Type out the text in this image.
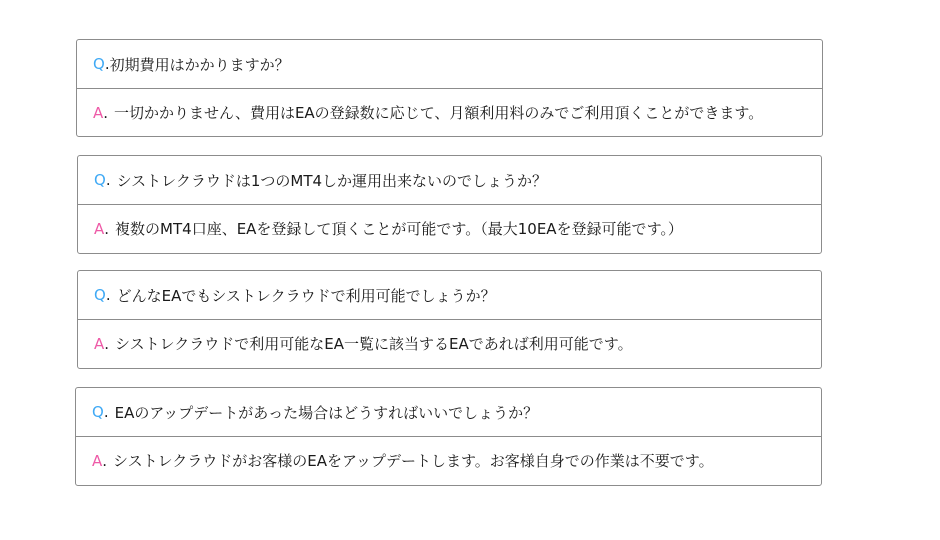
Q . 初期費用はかかりますか？
A . 一切かかりません、費用はEAの登録数に応じて、月額利用料のみでご利用頂くことができます。
Q . シストレクラウドは1つのMT4しか運用出来ないのでしょうか？
A . 複数のMT4口座、EAを登録して頂くことが可能です。（最大10EAを登録可能です。）
Q . どんなEAでもシストレクラウドで利用可能でしょうか？
A . シストレクラウドで利用可能なEA一覧に該当するEAであれば利用可能です。
Q . EAのアップデートがあった場合はどうすればいいでしょうか？
A . シストレクラウドがお客様のEAをアップデートします。お客様自身での作業は不要です。
